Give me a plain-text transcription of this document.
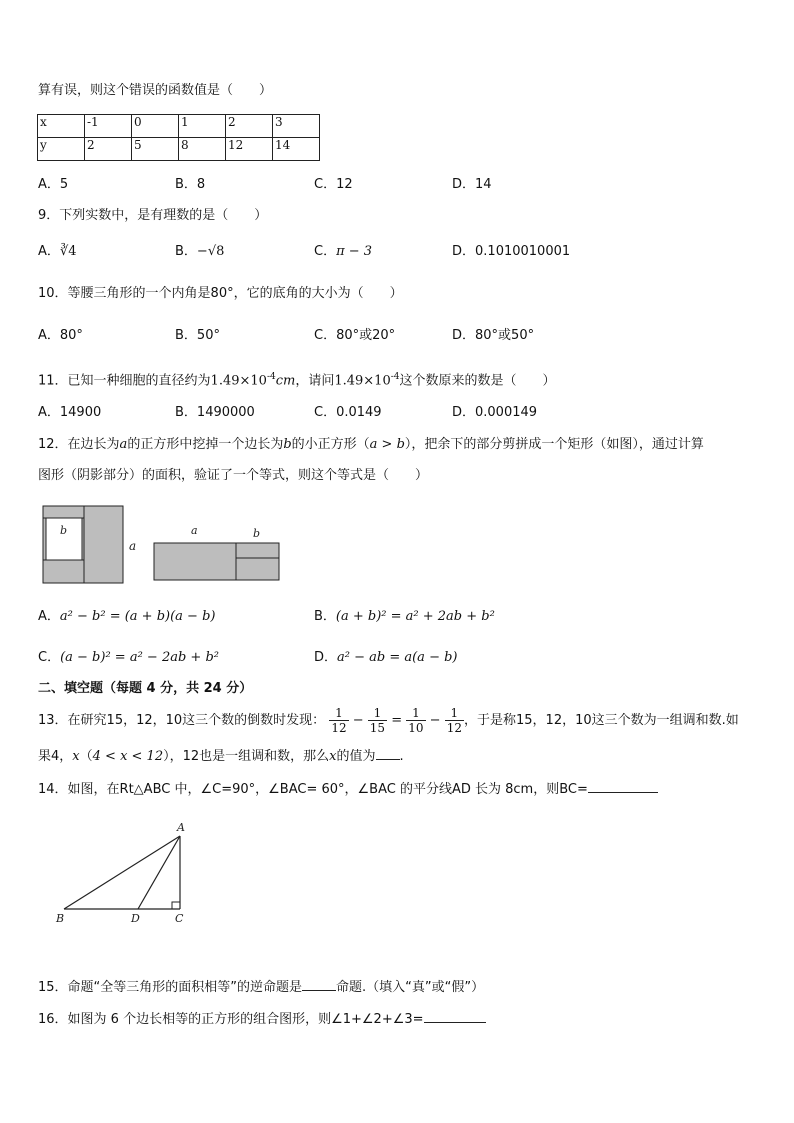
算有误，则这个错误的函数值是（　　）
x	-1	0	1	2	3
y	2	5	8	12	14
A．5	B．8	C．12	D．14
9．下列实数中，是有理数的是（　　）
A．∛4	B．−√8	C．π − 3	D．0.1010010001
10．等腰三角形的一个内角是80°，它的底角的大小为（　　）
A．80°	B．50°	C．80°或20°	D．80°或50°
11．已知一种细胞的直径约为$1.49\times 10^{-4}cm$，请问$1.49\times 10^{-4}$这个数原来的数是（　　）
A．14900	B．1490000	C．0.0149	D．0.000149
12．在边长为a的正方形中挖掉一个边长为b的小正方形（a > b），把余下的部分剪拼成一个矩形（如图），通过计算
图形（阴影部分）的面积，验证了一个等式，则这个等式是（　　）
b
a
a	b
A．a² − b² = (a + b)(a − b)	B．(a + b)² = a² + 2ab + b²
C．(a − b)² = a² − 2ab + b²	D．a² − ab = a(a − b)
二、填空题（每题 4 分，共 24 分）
13．在研究15，12，10这三个数的倒数时发现： $\frac{1}{12} - \frac{1}{15} = \frac{1}{10} - \frac{1}{12}$ ，于是称15，12，10这三个数为一组调和数.如
果4，x（4 < x < 12），12也是一组调和数，那么x的值为 .
14．如图，在Rt△ABC 中，∠C=90°，∠BAC= 60°，∠BAC 的平分线AD 长为 8cm，则BC=
A
B	D	C
15．命题“全等三角形的面积相等”的逆命题是	命题.（填入“真”或“假”）
16．如图为 6 个边长相等的正方形的组合图形，则∠1+∠2+∠3=
